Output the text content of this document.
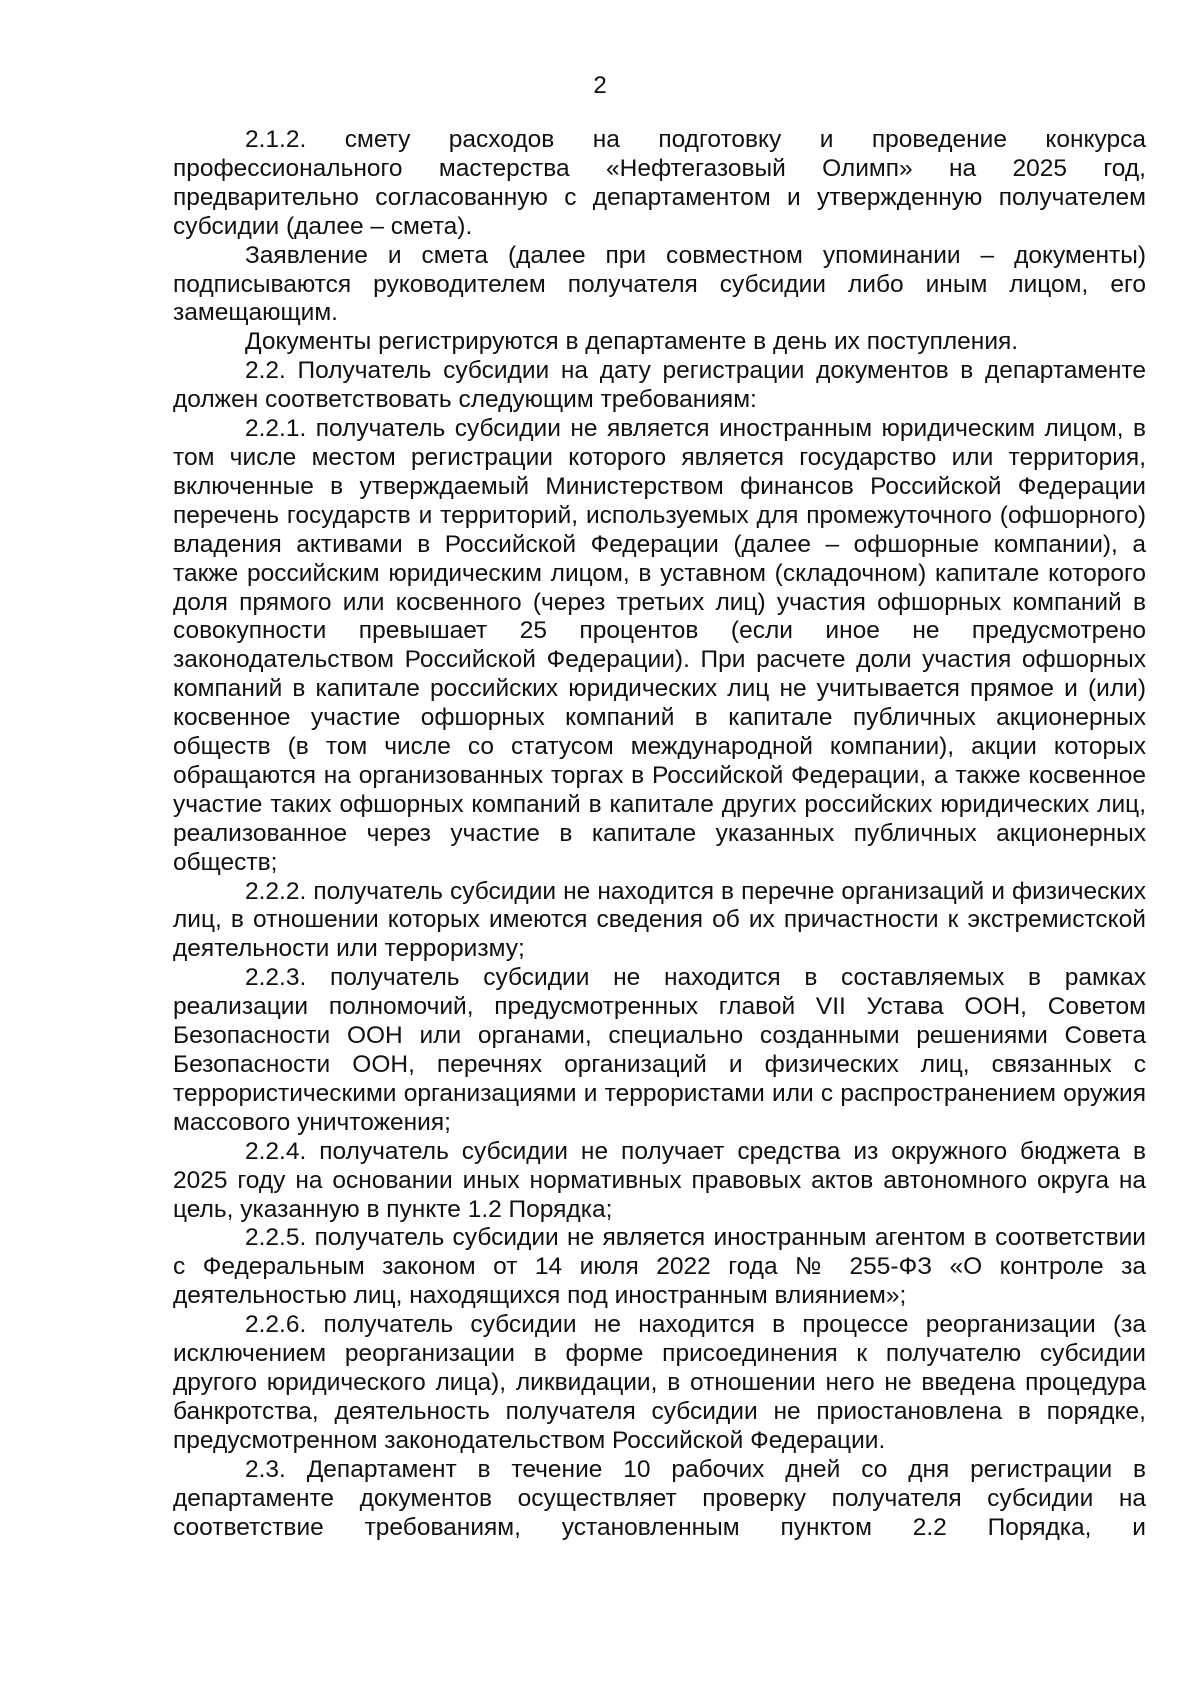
2

2.1.2. смету расходов на подготовку и проведение конкурса профессионального мастерства «Нефтегазовый Олимп» на 2025 год, предварительно согласованную с департаментом и утвержденную получателем субсидии (далее – смета).

Заявление и смета (далее при совместном упоминании – документы) подписываются руководителем получателя субсидии либо иным лицом, его замещающим.

Документы регистрируются в департаменте в день их поступления.

2.2. Получатель субсидии на дату регистрации документов в департаменте должен соответствовать следующим требованиям:

2.2.1. получатель субсидии не является иностранным юридическим лицом, в том числе местом регистрации которого является государство или территория, включенные в утверждаемый Министерством финансов Российской Федерации перечень государств и территорий, используемых для промежуточного (офшорного) владения активами в Российской Федерации (далее – офшорные компании), а также российским юридическим лицом, в уставном (складочном) капитале которого доля прямого или косвенного (через третьих лиц) участия офшорных компаний в совокупности превышает 25 процентов (если иное не предусмотрено законодательством Российской Федерации). При расчете доли участия офшорных компаний в капитале российских юридических лиц не учитывается прямое и (или) косвенное участие офшорных компаний в капитале публичных акционерных обществ (в том числе со статусом международной компании), акции которых обращаются на организованных торгах в Российской Федерации, а также косвенное участие таких офшорных компаний в капитале других российских юридических лиц, реализованное через участие в капитале указанных публичных акционерных обществ;

2.2.2. получатель субсидии не находится в перечне организаций и физических лиц, в отношении которых имеются сведения об их причастности к экстремистской деятельности или терроризму;

2.2.3. получатель субсидии не находится в составляемых в рамках реализации полномочий, предусмотренных главой VII Устава ООН, Советом Безопасности ООН или органами, специально созданными решениями Совета Безопасности ООН, перечнях организаций и физических лиц, связанных с террористическими организациями и террористами или с распространением оружия массового уничтожения;

2.2.4. получатель субсидии не получает средства из окружного бюджета в 2025 году на основании иных нормативных правовых актов автономного округа на цель, указанную в пункте 1.2 Порядка;

2.2.5. получатель субсидии не является иностранным агентом в соответствии с Федеральным законом от 14 июля 2022 года № 255-ФЗ «О контроле за деятельностью лиц, находящихся под иностранным влиянием»;

2.2.6. получатель субсидии не находится в процессе реорганизации (за исключением реорганизации в форме присоединения к получателю субсидии другого юридического лица), ликвидации, в отношении него не введена процедура банкротства, деятельность получателя субсидии не приостановлена в порядке, предусмотренном законодательством Российской Федерации.

2.3. Департамент в течение 10 рабочих дней со дня регистрации в департаменте документов осуществляет проверку получателя субсидии на соответствие требованиям, установленным пунктом 2.2 Порядка, и
